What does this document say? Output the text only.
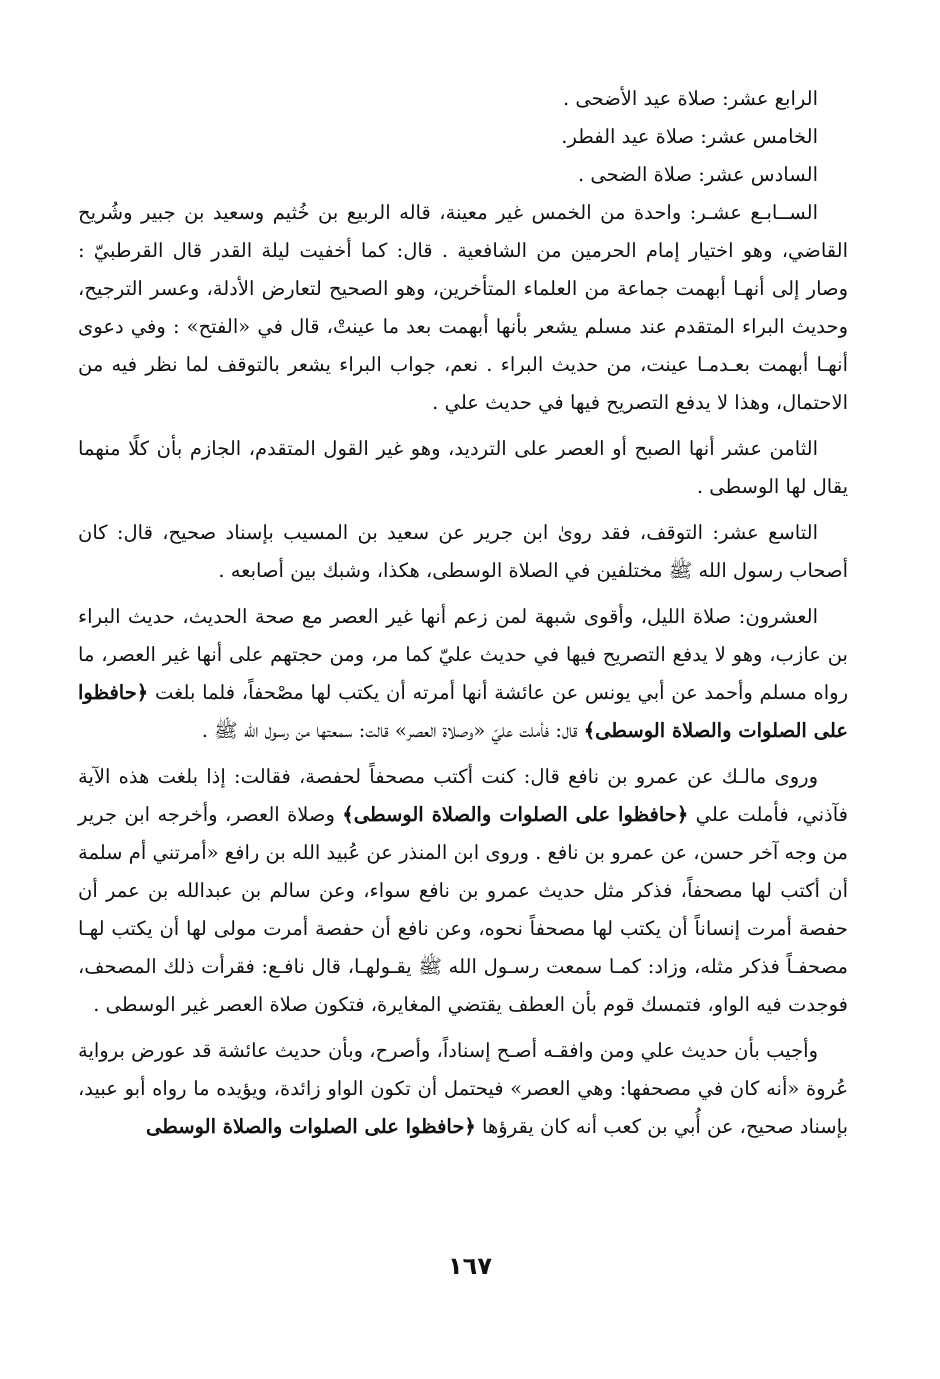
الرابع عشر: صلاة عيد الأضحى .

الخامس عشر: صلاة عيد الفطر.

السادس عشر: صلاة الضحى .

الســابـع عشـر: واحدة من الخمس غير معينة، قاله الربيع بن خُثيم وسعيد بن جبير وشُريح القاضي، وهو اختيار إمام الحرمين من الشافعية . قال: كما أخفيت ليلة القدر قال القرطبيّ : وصار إلى أنهـا أبهمت جماعة من العلماء المتأخرين، وهو الصحيح لتعارض الأدلة، وعسر الترجيح، وحديث البراء المتقدم عند مسلم يشعر بأنها أبهمت بعد ما عينتْ، قال في «الفتح» : وفي دعوى أنهـا أبهمت بعـدمـا عينت، من حديث البراء . نعم، جواب البراء يشعر بالتوقف لما نظر فيه من الاحتمال، وهذا لا يدفع التصريح فيها في حديث علي .

الثامن عشر أنها الصبح أو العصر على الترديد، وهو غير القول المتقدم، الجازم بأن كلًا منهما يقال لها الوسطى .

التاسع عشر: التوقف، فقد روىٰ ابن جرير عن سعيد بن المسيب بإسناد صحيح، قال: كان أصحاب رسول الله ﷺ مختلفين في الصلاة الوسطى، هكذا، وشبك بين أصابعه .

العشرون: صلاة الليل، وأقوى شبهة لمن زعم أنها غير العصر مع صحة الحديث، حديث البراء بن عازب، وهو لا يدفع التصريح فيها في حديث عليّ كما مر، ومن حجتهم على أنها غير العصر، ما رواه مسلم وأحمد عن أبي يونس عن عائشة أنها أمرته أن يكتب لها مصْحفاً، فلما بلغت ﴿حافظوا على الصلوات والصلاة الوسطى﴾ قال: فأملت عليّ «وصلاة العصر» قالت: سمعتها من رسول الله ﷺ .

وروى مالـك عن عمرو بن نافع قال: كنت أكتب مصحفاً لحفصة، فقالت: إذا بلغت هذه الآية فآذني، فأملت علي ﴿حافظوا على الصلوات والصلاة الوسطى﴾ وصلاة العصر، وأخرجه ابن جرير من وجه آخر حسن، عن عمرو بن نافع . وروى ابن المنذر عن عُبيد الله بن رافع «أمرتني أم سلمة أن أكتب لها مصحفاً، فذكر مثل حديث عمرو بن نافع سواء، وعن سالم بن عبدالله بن عمر أن حفصة أمرت إنساناً أن يكتب لها مصحفاً نحوه، وعن نافع أن حفصة أمرت مولى لها أن يكتب لهـا مصحفـاً فذكر مثله، وزاد: كمـا سمعت رسـول الله ﷺ يقـولهـا، قال نافـع: فقرأت ذلك المصحف، فوجدت فيه الواو، فتمسك قوم بأن العطف يقتضي المغايرة، فتكون صلاة العصر غير الوسطى .

وأجيب بأن حديث علي ومن وافقـه أصـح إسناداً، وأصرح، وبأن حديث عائشة قد عورض برواية عُروة «أنه كان في مصحفها: وهي العصر» فيحتمل أن تكون الواو زائدة، ويؤيده ما رواه أبو عبيد، بإسناد صحيح، عن أُبي بن كعب أنه كان يقرؤها ﴿حافظوا على الصلوات والصلاة الوسطى

١٦٧
